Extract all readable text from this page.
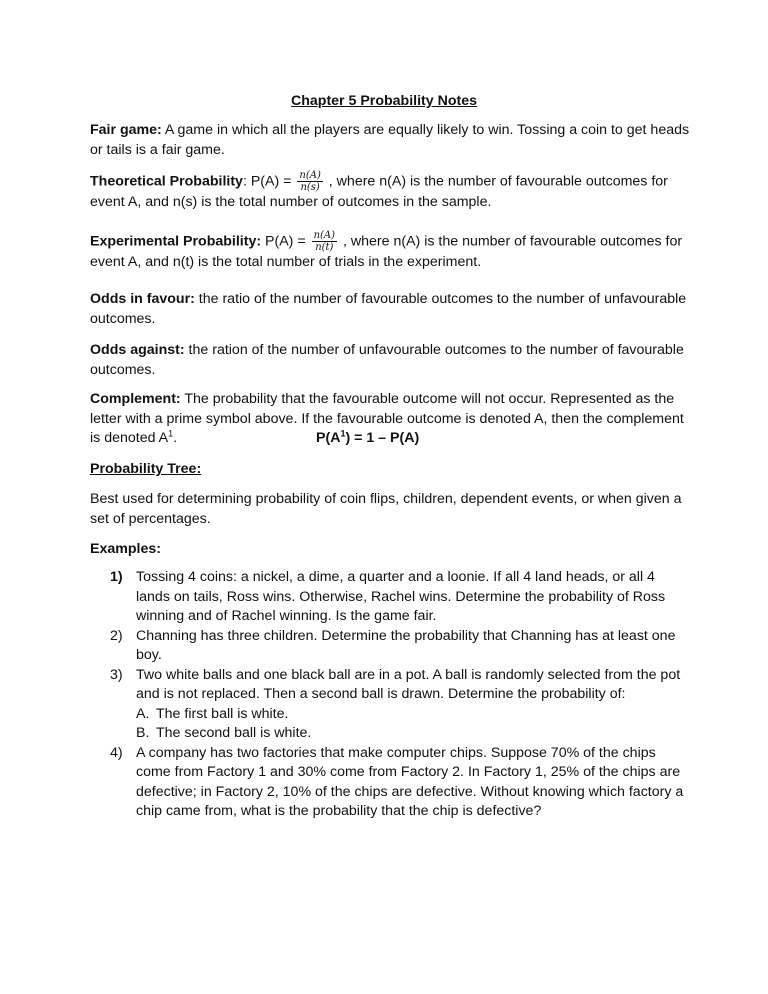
Chapter 5 Probability Notes
Fair game: A game in which all the players are equally likely to win. Tossing a coin to get heads or tails is a fair game.
Theoretical Probability: $P(A) = \frac{n(A)}{n(s)}$ , where n(A) is the number of favourable outcomes for event A, and n(s) is the total number of outcomes in the sample.
Experimental Probability: $P(A) = \frac{n(A)}{n(t)}$ , where n(A) is the number of favourable outcomes for event A, and n(t) is the total number of trials in the experiment.
Odds in favour: the ratio of the number of favourable outcomes to the number of unfavourable outcomes.
Odds against: the ration of the number of unfavourable outcomes to the number of favourable outcomes.
Complement: The probability that the favourable outcome will not occur. Represented as the letter with a prime symbol above. If the favourable outcome is denoted A, then the complement is denoted $A^1$.	$P(A^1) = 1 - P(A)$
Probability Tree:
Best used for determining probability of coin flips, children, dependent events, or when given a set of percentages.
Examples:
1) Tossing 4 coins: a nickel, a dime, a quarter and a loonie. If all 4 land heads, or all 4 lands on tails, Ross wins. Otherwise, Rachel wins. Determine the probability of Ross winning and of Rachel winning. Is the game fair.
2) Channing has three children. Determine the probability that Channing has at least one boy.
3) Two white balls and one black ball are in a pot. A ball is randomly selected from the pot and is not replaced. Then a second ball is drawn. Determine the probability of:
A. The first ball is white.
B. The second ball is white.
4) A company has two factories that make computer chips. Suppose 70% of the chips come from Factory 1 and 30% come from Factory 2. In Factory 1, 25% of the chips are defective; in Factory 2, 10% of the chips are defective. Without knowing which factory a chip came from, what is the probability that the chip is defective?
